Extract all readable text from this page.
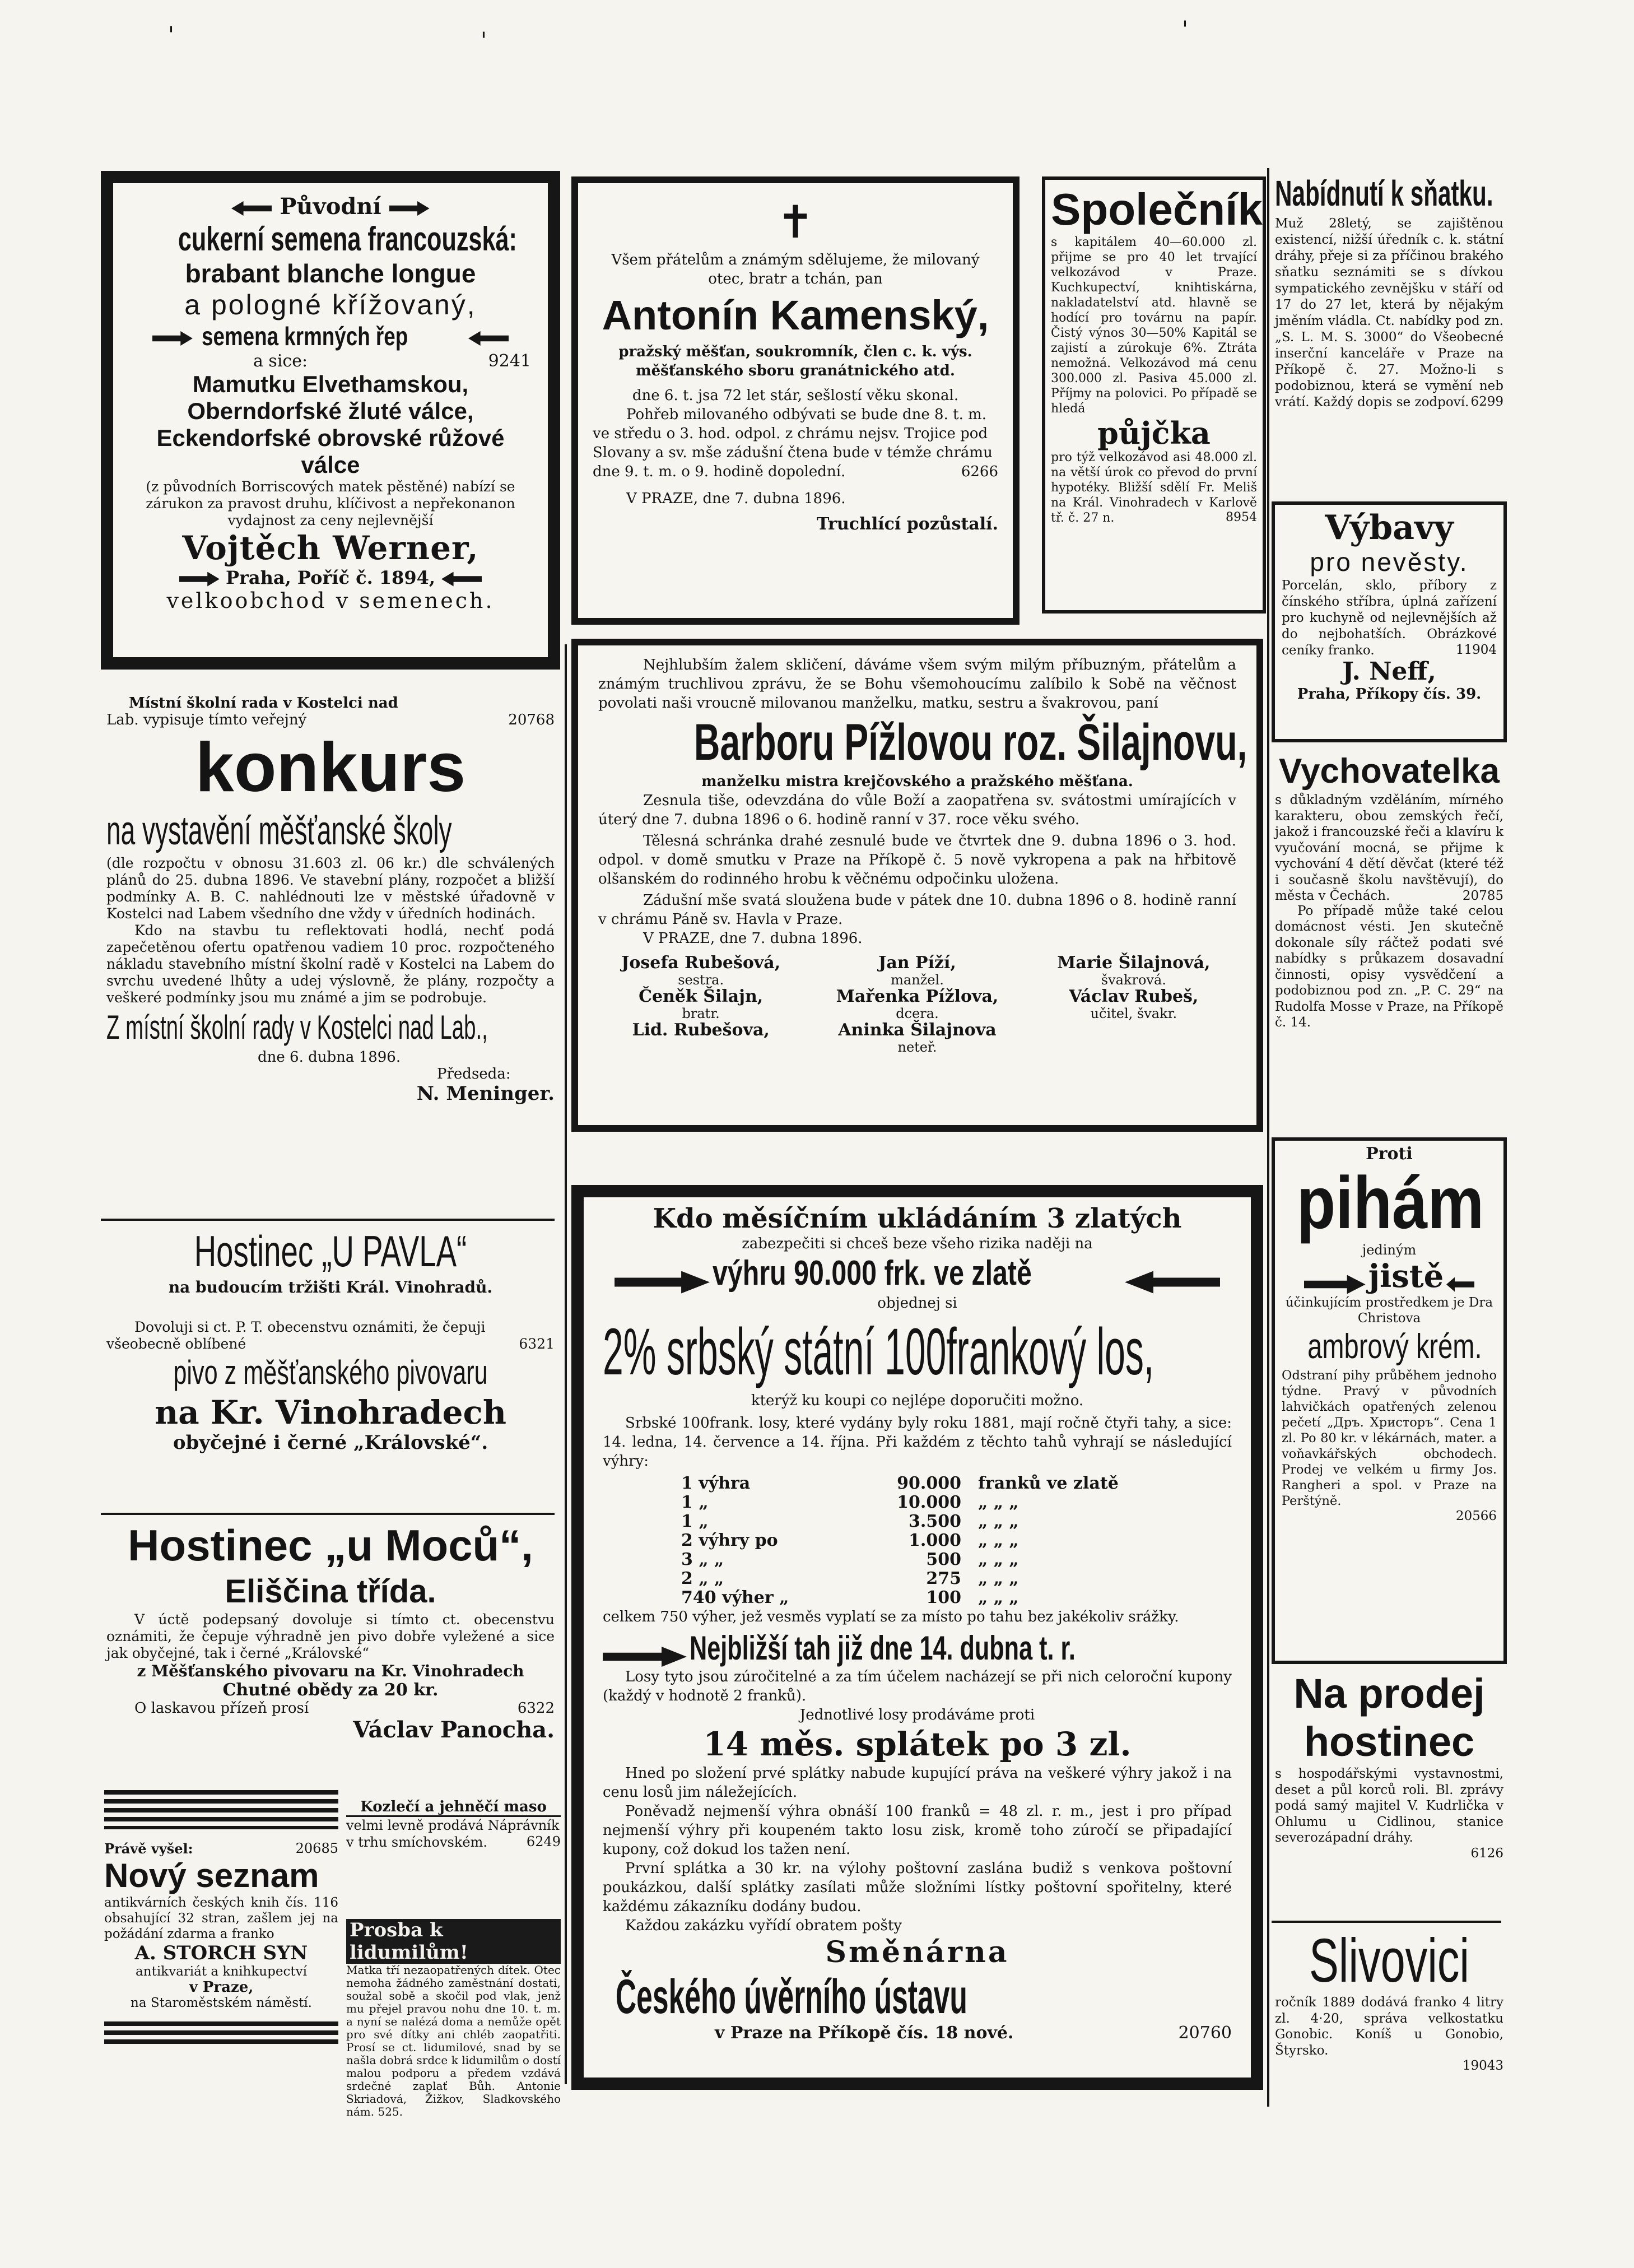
'	'	'
Původní
cukerní semena francouzská:
brabant blanche longue
a pologné křížovaný,
semena krmných řep
a sice:	9241
Mamutku Elvethamskou,
Oberndorfské žluté válce,
Eckendorfské obrovské růžové
válce
(z původních Borriscových matek pěstěné) nabízí se zárukon za pravost druhu, klíčivost a nepřekonanon vydajnost za ceny nejlevnější
Vojtěch Werner,
Praha, Poříč č. 1894,
velkoobchod v semenech.
✝
Všem přátelům a známým sdělujeme, že milovaný otec, bratr a tchán, pan
Antonín Kamenský,
pražský měšťan, soukromník, člen c. k. výs. měšťanského sboru granátnického atd.
dne 6. t. jsa 72 let stár, sešlostí věku skonal.
Pohřeb milovaného odbývati se bude dne 8. t. m. ve středu o 3. hod. odpol. z chrámu nejsv. Trojice pod Slovany a sv. mše zádušní čtena bude v témže chrámu dne 9. t. m. o 9. hodině dopolední.	6266
V PRAZE, dne 7. dubna 1896.
Truchlící pozůstalí.
Společník
s kapitálem 40—60.000 zl. přijme se pro 40 let trvající velkozávod v Praze. Kuchkupectví, knihtiskárna, nakladatelství atd. hlavně se hodící pro továrnu na papír. Čistý výnos 30—50% Kapitál se zajistí a zúrokuje 6%. Ztráta nemožná. Velkozávod má cenu 300.000 zl. Pasiva 45.000 zl. Příjmy na polovici. Po případě se hledá
půjčka
pro týž velkozávod asi 48.000 zl. na větší úrok co převod do první hypotéky. Bližší sdělí Fr. Meliš na Král. Vinohradech v Karlově tř. č. 27 n.	8954
Nabídnutí k sňatku.
Muž 28letý, se zajištěnou existencí, nižší úředník c. k. státní dráhy, přeje si za příčinou brakého sňatku seznámiti se s dívkou sympatického zevnějšku v stáří od 17 do 27 let, která by nějakým jměním vládla. Ct. nabídky pod zn. „S. L. M. S. 3000“ do Všeobecné inserční kanceláře v Praze na Příkopě č. 27. Možno-li s podobiznou, která se vymění neb vrátí. Každý dopis se zodpoví. 6299
Výbavy
pro nevěsty.
Porcelán, sklo, příbory z čínského stříbra, úplná zařízení pro kuchyně od nejlevnějších až do nejbohatších. Obrázkové ceníky franko.	11904
J. Neff,
Praha, Příkopy čís. 39.
Místní školní rada v Kostelci nad
Lab. vypisuje tímto veřejný	20768
konkurs
na vystavění měšťanské školy
(dle rozpočtu v obnosu 31.603 zl. 06 kr.) dle schválených plánů do 25. dubna 1896. Ve stavební plány, rozpočet a bližší podmínky A. B. C. nahlédnouti lze v městské úřadovně v Kostelci nad Labem všedního dne vždy v úředních hodinách.
Kdo na stavbu tu reflektovati hodlá, nechť podá zapečetěnou ofertu opatřenou vadiem 10 proc. rozpočteného nákladu stavebního místní školní radě v Kostelci na Labem do svrchu uvedené lhůty a udej výslovně, že plány, rozpočty a veškeré podmínky jsou mu známé a jim se podrobuje.
Z místní školní rady v Kostelci nad Lab.,
dne 6. dubna 1896.
Předseda:
N. Meninger.
Hostinec „U PAVLA“
na budoucím tržišti Král. Vinohradů.
Dovoluji si ct. P. T. obecenstvu oznámiti, že čepuji všeobecně oblíbené	6321
pivo z měšťanského pivovaru
na Kr. Vinohradech
obyčejné i černé „Královské“.
Hostinec „u Moců“,
Eliščina třída.
V úctě podepsaný dovoluje si tímto ct. obecenstvu oznámiti, že čepuje výhradně jen pivo dobře vyležené a sice jak obyčejné, tak i černé „Královské“
z Měšťanského pivovaru na Kr. Vinohradech
Chutné obědy za 20 kr.
O laskavou přízeň prosí	6322
Václav Panocha.
Právě vyšel:	20685
Nový seznam
antikvárních českých knih čís. 116 obsahující 32 stran, zašlem jej na požádání zdarma a franko
A. STORCH SYN
antikvariát a knihkupectví
v Praze,
na Staroměstském náměstí.
Kozlečí a jehněčí maso
velmi levně prodává Náprávník v trhu smíchovském.	6249
Prosba k lidumilům!
Matka tří nezaopatřených dítek. Otec nemoha žádného zaměstnání dostati, soužal sobě a skočil pod vlak, jenž mu přejel pravou nohu dne 10. t. m. a nyní se nalézá doma a nemůže opět pro své dítky ani chléb zaopatřiti. Prosí se ct. lidumilové, snad by se našla dobrá srdce k lidumilům o dostí malou podporu a předem vzdává srdečné zaplať Bůh. Antonie Skriadová, Žižkov, Sladkovského nám. 525.
Nejhlubším žalem skličení, dáváme všem svým milým příbuzným, přátelům a známým truchlivou zprávu, že se Bohu všemohoucímu zalíbilo k Sobě na věčnost povolati naši vroucně milovanou manželku, matku, sestru a švakrovou, paní
Barboru Pížlovou roz. Šilajnovu,
manželku mistra krejčovského a pražského měšťana.
Zesnula tiše, odevzdána do vůle Boží a zaopatřena sv. svátostmi umírajících v úterý dne 7. dubna 1896 o 6. hodině ranní v 37. roce věku svého.
Tělesná schránka drahé zesnulé bude ve čtvrtek dne 9. dubna 1896 o 3. hod. odpol. v domě smutku v Praze na Příkopě č. 5 nově vykropena a pak na hřbitově olšanském do rodinného hrobu k věčnému odpočinku uložena.
Zádušní mše svatá sloužena bude v pátek dne 10. dubna 1896 o 8. hodině ranní v chrámu Páně sv. Havla v Praze.
V PRAZE, dne 7. dubna 1896.
Josefa Rubešová,
sestra.
Jan Píží,
manžel.
Marie Šilajnová,
švakrová.
Čeněk Šilajn,
bratr.
Mařenka Pížlova,
dcera.
Václav Rubeš,
učitel, švakr.
Lid. Rubešova,	Aninka Šilajnova
neteř.
Vychovatelka
s důkladným vzděláním, mírného karakteru, obou zemských řečí, jakož i francouzské řeči a klavíru k vyučování mocná, se přijme k vychování 4 dětí děvčat (které též i současně školu navštěvují), do města v Čechách.	20785
Po případě může také celou domácnost vésti. Jen skutečně dokonale síly ráčtež podati své nabídky s průkazem dosavadní činnosti, opisy vysvědčení a podobiznou pod zn. „P. C. 29“ na Rudolfa Mosse v Praze, na Příkopě č. 14.
Kdo měsíčním ukládáním 3 zlatých
zabezpečiti si chceš beze všeho rizika naději na
výhru 90.000 frk. ve zlatě
objednej si
2% srbský státní 100frankový los,
kterýž ku koupi co nejlépe doporučiti možno.
Srbské 100frank. losy, které vydány byly roku 1881, mají ročně čtyři tahy, a sice: 14. ledna, 14. července a 14. října. Při každém z těchto tahů vyhrají se následující výhry:
1 výhra	90.000	franků ve zlatě
1 „	10.000	„ „ „
1 „	3.500	„ „ „
2 výhry po	1.000	„ „ „
3 „ „	500	„ „ „
2 „ „	275	„ „ „
740 výher „	100	„ „ „
celkem 750 výher, jež vesměs vyplatí se za místo po tahu bez jakékoliv srážky.
Nejbližší tah již dne 14. dubna t. r.
Losy tyto jsou zúročitelné a za tím účelem nacházejí se při nich celoroční kupony (každý v hodnotě 2 franků).
Jednotlivé losy prodáváme proti
14 měs. splátek po 3 zl.
Hned po složení prvé splátky nabude kupující práva na veškeré výhry jakož i na cenu losů jim náležejících.
Poněvadž nejmenší výhra obnáší 100 franků = 48 zl. r. m., jest i pro případ nejmenší výhry při koupeném takto losu zisk, kromě toho zúročí se připadající kupony, což dokud los tažen není.
První splátka a 30 kr. na výlohy poštovní zaslána budiž s venkova poštovní poukázkou, další splátky zasílati může složními lístky poštovní spořitelny, které každému zákazníku dodány budou.
Každou zakázku vyřídí obratem pošty
Směnárna
Českého úvěrního ústavu
v Praze na Příkopě čís. 18 nové.	20760
Proti
pihám
jediným
jistě
účinkujícím prostředkem je Dra Christova
ambrový krém.
Odstraní pihy průběhem jednoho týdne. Pravý v původních lahvičkách opatřených zelenou pečetí „Дръ. Христоръ“. Cena 1 zl. Po 80 kr. v lékárnách, mater. a voňavkářských obchodech. Prodej ve velkém u firmy Jos. Rangheri a spol. v Praze na Perštýně.
20566
Na prodej
hostinec
s hospodářskými vystavnostmi, deset a půl korců roli. Bl. zprávy podá samý majitel V. Kudrlička v Ohlumu u Cidlinou, stanice severozápadní dráhy.
6126
Slivovici
ročník 1889 dodává franko 4 litry zl. 4·20, správa velkostatku Gonobic. Koníš u Gonobio, Štyrsko.
19043
